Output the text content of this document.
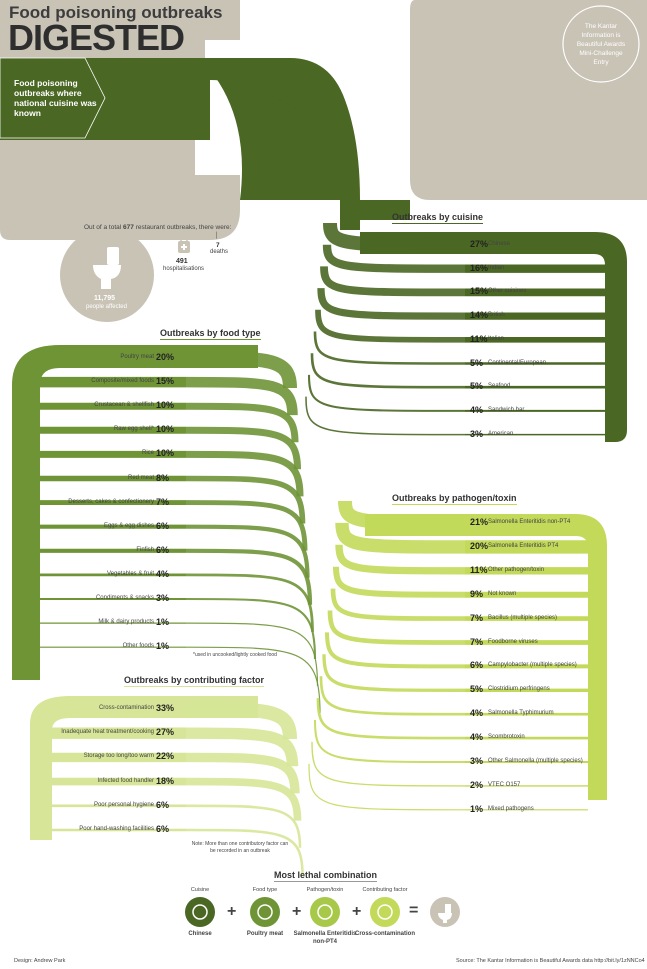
Food poisoning outbreaks
DIGESTED	The Kantar Information is Beautiful Awards Mini-Challenge Entry
Food poisoning outbreaks where national cuisine was known
Out of a total 677 restaurant outbreaks, there were:
491
hospitalisations
│
7
deaths
11,795
people affected
Outbreaks by cuisine
Outbreaks by food type
Outbreaks by pathogen/toxin
Outbreaks by contributing factor
*used in uncooked/lightly cooked food
Note: More than one contributory factor can be recorded in an outbreak
27% Chinese
16% Indian
15% Other cuisines
14% British
11% Italian
5% Continental/European
5% Seafood
4% Sandwich bar
3% American
20%
Poultry meat
15%
Composite/mixed foods
10%
Crustacean & shellfish
10%
Raw egg shell*
10%
Rice
8%
Red meat
7%
Desserts, cakes & confectionery
6%
Eggs & egg dishes
6%
Finfish
4%
Vegetables & fruit
3%
Condiments & snacks
1%
Milk & dairy products
1%
Other foods
21% Salmonella Enteritidis non-PT4
20% Salmonella Enteritidis PT4
11% Other pathogen/toxin
9% Not known
7% Bacillus (multiple species)
7% Foodborne viruses
6% Campylobacter (multiple species)
5% Clostridium perfringens
4% Salmonella Typhimurium
4% Scombrotoxin
3% Other Salmonella (multiple species)
2% VTEC O157
1% Mixed pathogens
33%
Cross-contamination
27%
Inadequate heat treatment/cooking
22%
Storage too long/too warm
18%
Infected food handler
6%
Poor personal hygiene
6%
Poor hand-washing facilities
Most lethal combination
Cuisine
Chinese
+
Food type
Poultry meat
+
Pathogen/toxin
Salmonella Enteritidis non-PT4
+
Contributing factor
Cross-contamination
=
Design: Andrew Park	Source: The Kantar Information is Beautiful Awards data http://bit.ly/1zNNCo4
